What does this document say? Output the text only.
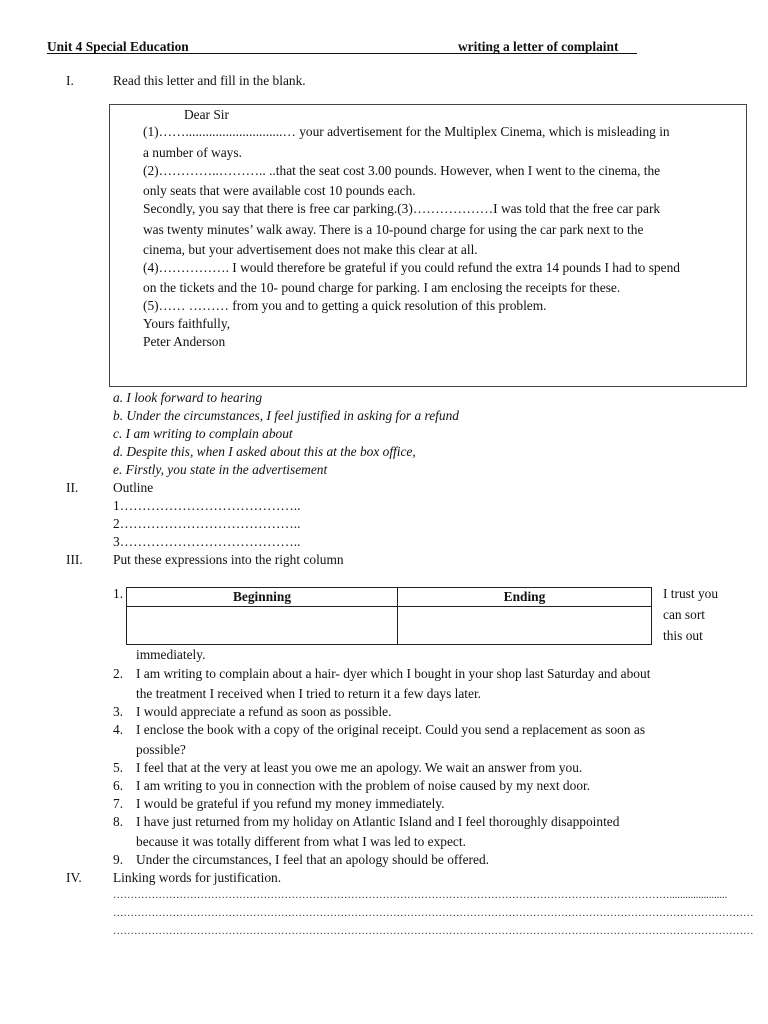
Unit 4 Special Education	writing a letter of complaint
I.	Read this letter and fill in the blank.
Dear Sir
(1)…….............................… your advertisement for the Multiplex Cinema, which is misleading in
a number of ways.
(2)…………..……….. ..that the seat cost 3.00 pounds. However, when I went to the cinema, the
only seats that were available cost 10 pounds each.
Secondly, you say that there is free car parking.(3)………………I was told that the free car park
was twenty minutes’ walk away. There is a 10-pound charge for using the car park next to the
cinema, but your advertisement does not make this clear at all.
(4)……………. I would therefore be grateful if you could refund the extra 14 pounds I had to spend
on the tickets and the 10- pound charge for parking. I am enclosing the receipts for these.
(5)…… ……… from you and to getting a quick resolution of this problem.
Yours faithfully,
Peter Anderson
a. I look forward to hearing
b. Under the circumstances, I feel justified in asking for a refund
c. I am writing to complain about
d. Despite this, when I asked about this at the box office,
e. Firstly, you state in the advertisement
II.	Outline
1…………………………………..
2…………………………………..
3…………………………………..
III. Put these expressions into the right column
1.	Beginning	Ending
		I trust you
can sort
this out
immediately.
2. I am writing to complain about a hair- dyer which I bought in your shop last Saturday and about
the treatment I received when I tried to return it a few days later.
3. I would appreciate a refund as soon as possible.
4. I enclose the book with a copy of the original receipt. Could you send a replacement as soon as
possible?
5. I feel that at the very at least you owe me an apology. We wait an answer from you.
6. I am writing to you in connection with the problem of noise caused by my next door.
7. I would be grateful if you refund my money immediately.
8. I have just returned from my holiday on Atlantic Island and I feel thoroughly disappointed
because it was totally different from what I was led to expect.
9. Under the circumstances, I feel that an apology should be offered.
IV. Linking words for justification.
……………………………………………………………………………………………………………………………………………......................
…………………………………………………………………………………………………………………………………………………………………
…………………………………………………………………………………………………………………………………………………………………
